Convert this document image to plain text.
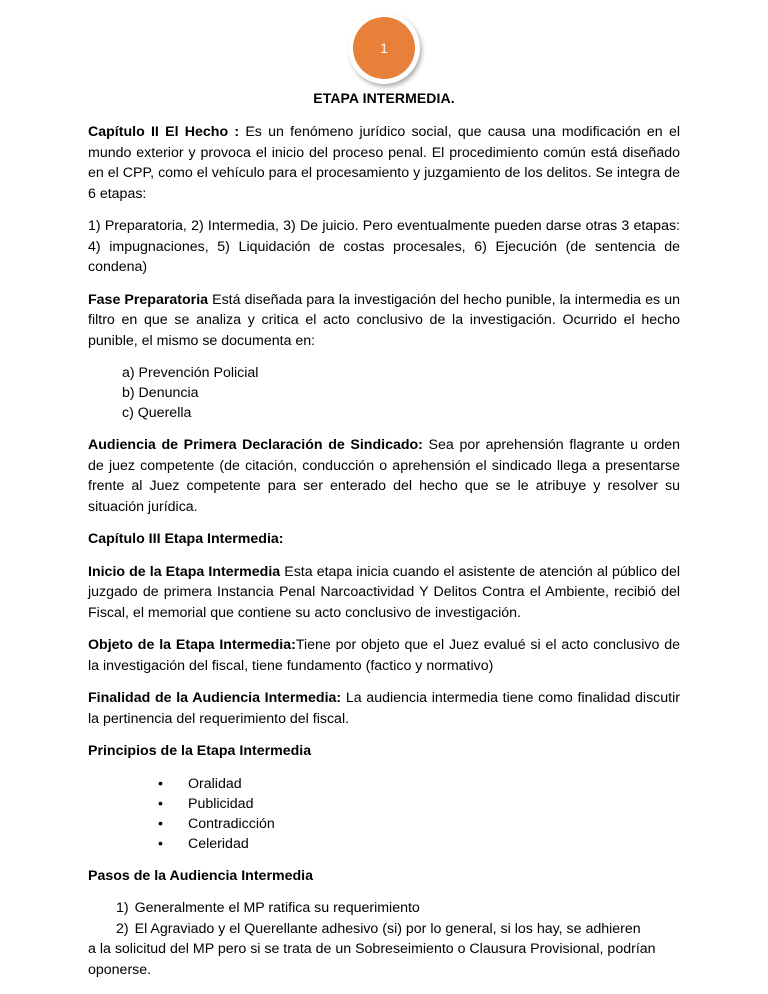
1
ETAPA INTERMEDIA.

Capítulo II El Hecho : Es un fenómeno jurídico social, que causa una modificación en el mundo exterior y provoca el inicio del proceso penal. El procedimiento común está diseñado en el CPP, como el vehículo para el procesamiento y juzgamiento de los delitos. Se integra de 6 etapas:

1) Preparatoria, 2) Intermedia, 3) De juicio. Pero eventualmente pueden darse otras 3 etapas: 4) impugnaciones, 5) Liquidación de costas procesales, 6) Ejecución (de sentencia de condena)

Fase Preparatoria Está diseñada para la investigación del hecho punible, la intermedia es un filtro en que se analiza y critica el acto conclusivo de la investigación. Ocurrido el hecho punible, el mismo se documenta en:

a) Prevención Policial
b) Denuncia
c) Querella

Audiencia de Primera Declaración de Sindicado: Sea por aprehensión flagrante u orden de juez competente (de citación, conducción o aprehensión el sindicado llega a presentarse frente al Juez competente para ser enterado del hecho que se le atribuye y resolver su situación jurídica.

Capítulo III Etapa Intermedia:

Inicio de la Etapa Intermedia Esta etapa inicia cuando el asistente de atención al público del juzgado de primera Instancia Penal Narcoactividad Y Delitos Contra el Ambiente, recibió del Fiscal, el memorial que contiene su acto conclusivo de investigación.

Objeto de la Etapa Intermedia:Tiene por objeto que el Juez evalué si el acto conclusivo de la investigación del fiscal, tiene fundamento (factico y normativo)

Finalidad de la Audiencia Intermedia: La audiencia intermedia tiene como finalidad discutir la pertinencia del requerimiento del fiscal.

Principios de la Etapa Intermedia

• Oralidad
• Publicidad
• Contradicción
• Celeridad

Pasos de la Audiencia Intermedia

1) Generalmente el MP ratifica su requerimiento
2) El Agraviado y el Querellante adhesivo (si) por lo general, si los hay, se adhieren
a la solicitud del MP pero si se trata de un Sobreseimiento o Clausura Provisional, podrían oponerse.
